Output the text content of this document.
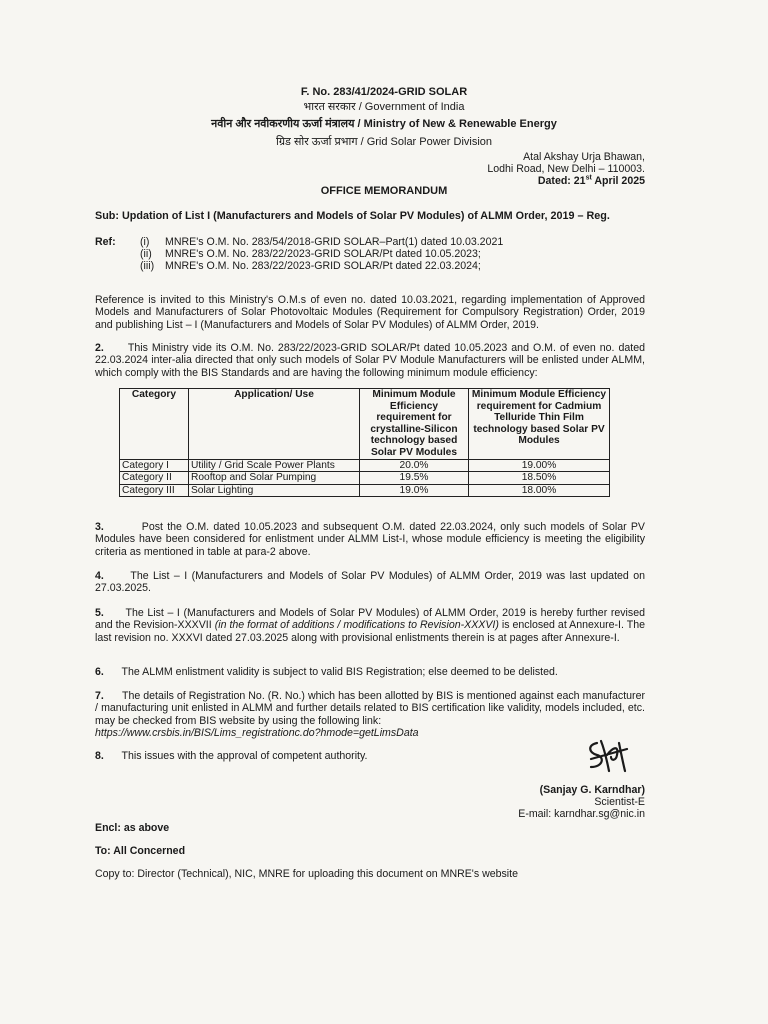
F. No. 283/41/2024-GRID SOLAR
भारत सरकार / Government of India
नवीन और नवीकरणीय ऊर्जा मंत्रालय / Ministry of New & Renewable Energy
ग्रिड सोर ऊर्जा प्रभाग / Grid Solar Power Division
Atal Akshay Urja Bhawan,
Lodhi Road, New Delhi – 110003.
Dated: 21st April 2025
OFFICE MEMORANDUM
Sub: Updation of List I (Manufacturers and Models of Solar PV Modules) of ALMM Order, 2019 – Reg.
Ref: (i)	MNRE's O.M. No. 283/54/2018-GRID SOLAR–Part(1) dated 10.03.2021
(ii)	MNRE's O.M. No. 283/22/2023-GRID SOLAR/Pt dated 10.05.2023;
(iii)	MNRE's O.M. No. 283/22/2023-GRID SOLAR/Pt dated 22.03.2024;
Reference is invited to this Ministry's O.M.s of even no. dated 10.03.2021, regarding implementation of Approved Models and Manufacturers of Solar Photovoltaic Modules (Requirement for Compulsory Registration) Order, 2019 and publishing List – I (Manufacturers and Models of Solar PV Modules) of ALMM Order, 2019.
2. This Ministry vide its O.M. No. 283/22/2023-GRID SOLAR/Pt dated 10.05.2023 and O.M. of even no. dated 22.03.2024 inter-alia directed that only such models of Solar PV Module Manufacturers will be enlisted under ALMM, which comply with the BIS Standards and are having the following minimum module efficiency:
Category	Application/ Use	Minimum Module Efficiency requirement for crystalline-Silicon technology based Solar PV Modules	Minimum Module Efficiency requirement for Cadmium Telluride Thin Film technology based Solar PV Modules
Category I	Utility / Grid Scale Power Plants	20.0%	19.00%
Category II	Rooftop and Solar Pumping	19.5%	18.50%
Category III	Solar Lighting	19.0%	18.00%
3.	Post the O.M. dated 10.05.2023 and subsequent O.M. dated 22.03.2024, only such models of Solar PV Modules have been considered for enlistment under ALMM List-I, whose module efficiency is meeting the eligibility criteria as mentioned in table at para-2 above.
4.	The List – I (Manufacturers and Models of Solar PV Modules) of ALMM Order, 2019 was last updated on 27.03.2025.
5. The List – I (Manufacturers and Models of Solar PV Modules) of ALMM Order, 2019 is hereby further revised and the Revision-XXXVII (in the format of additions / modifications to Revision-XXXVI) is enclosed at Annexure-I. The last revision no. XXXVI dated 27.03.2025 along with provisional enlistments therein is at pages after Annexure-I.
6. The ALMM enlistment validity is subject to valid BIS Registration; else deemed to be delisted.
7. The details of Registration No. (R. No.) which has been allotted by BIS is mentioned against each manufacturer / manufacturing unit enlisted in ALMM and further details related to BIS certification like validity, models included, etc. may be checked from BIS website by using the following link:
https://www.crsbis.in/BIS/Lims_registrationc.do?hmode=getLimsData
8. This issues with the approval of competent authority.
(Sanjay G. Karndhar)
Scientist-E
E-mail: karndhar.sg@nic.in
Encl: as above
To: All Concerned
Copy to: Director (Technical), NIC, MNRE for uploading this document on MNRE's website
